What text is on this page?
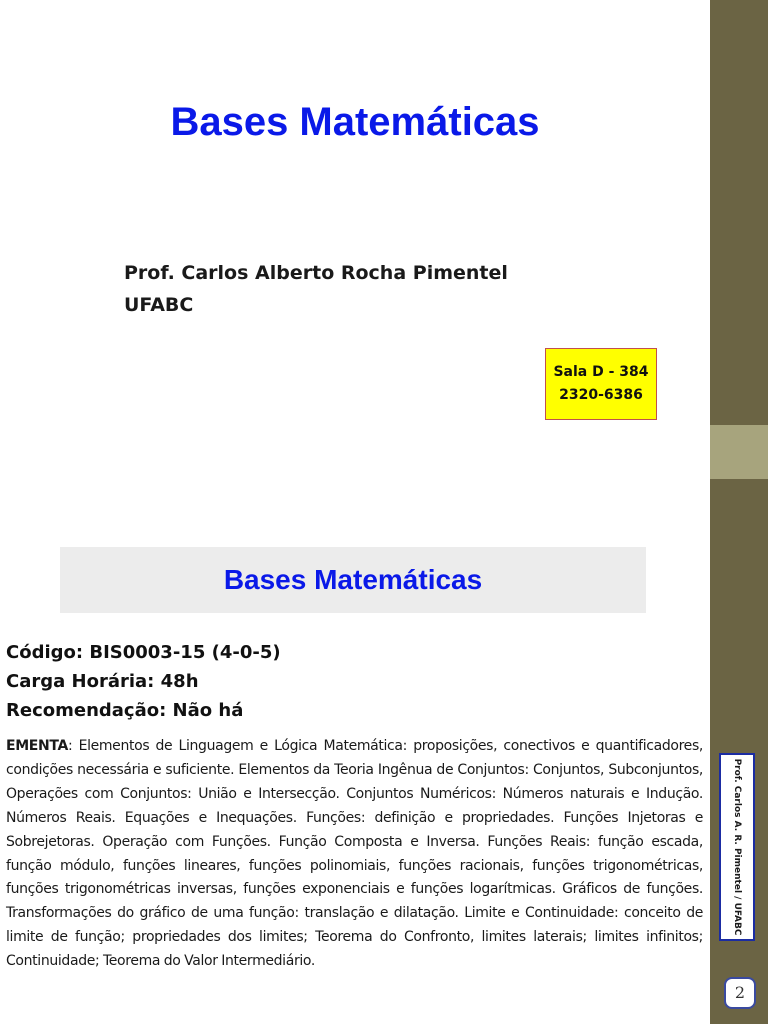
Bases Matemáticas
Prof. Carlos Alberto Rocha Pimentel
UFABC
Sala D - 384
2320-6386
Prof. Carlos A. R. Pimentel / UFABC
2
Bases Matemáticas
Código: BIS0003-15 (4-0-5)
Carga Horária: 48h
Recomendação: Não há
EMENTA: Elementos de Linguagem e Lógica Matemática: proposições, conectivos e quantificadores, condições necessária e suficiente. Elementos da Teoria Ingênua de Conjuntos: Conjuntos, Subconjuntos, Operações com Conjuntos: União e Intersecção. Conjuntos Numéricos: Números naturais e Indução. Números Reais. Equações e Inequações. Funções: definição e propriedades. Funções Injetoras e Sobrejetoras. Operação com Funções. Função Composta e Inversa. Funções Reais: função escada, função módulo, funções lineares, funções polinomiais, funções racionais, funções trigonométricas, funções trigonométricas inversas, funções exponenciais e funções logarítmicas. Gráficos de funções. Transformações do gráfico de uma função: translação e dilatação. Limite e Continuidade: conceito de limite de função; propriedades dos limites; Teorema do Confronto, limites laterais; limites infinitos; Continuidade; Teorema do Valor Intermediário.
